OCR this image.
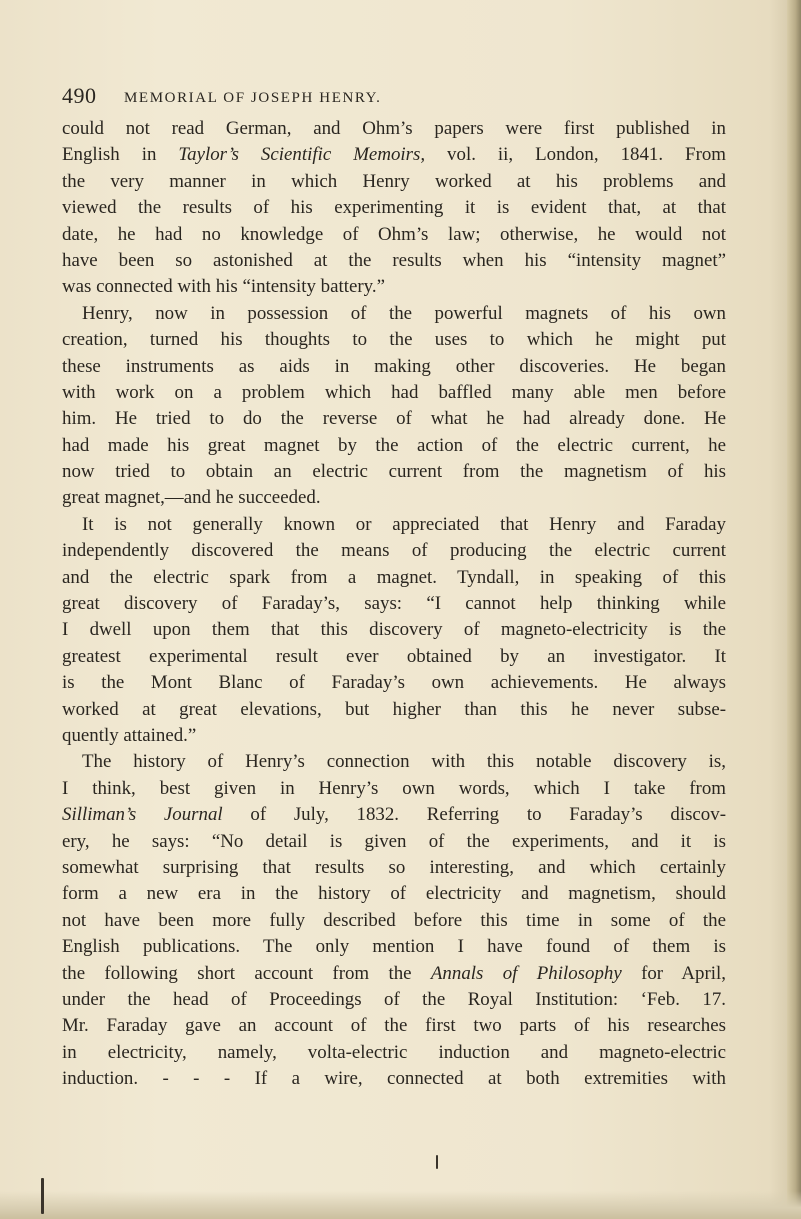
490 MEMORIAL OF JOSEPH HENRY.
could not read German, and Ohm’s papers were first published in
English in Taylor’s Scientific Memoirs, vol. ii, London, 1841. From
the very manner in which Henry worked at his problems and
viewed the results of his experimenting it is evident that, at that
date, he had no knowledge of Ohm’s law; otherwise, he would not
have been so astonished at the results when his “intensity magnet”
was connected with his “intensity battery.”
Henry, now in possession of the powerful magnets of his own
creation, turned his thoughts to the uses to which he might put
these instruments as aids in making other discoveries. He began
with work on a problem which had baffled many able men before
him. He tried to do the reverse of what he had already done. He
had made his great magnet by the action of the electric current, he
now tried to obtain an electric current from the magnetism of his
great magnet,—and he succeeded.
It is not generally known or appreciated that Henry and Faraday
independently discovered the means of producing the electric current
and the electric spark from a magnet. Tyndall, in speaking of this
great discovery of Faraday’s, says: “I cannot help thinking while
I dwell upon them that this discovery of magneto-electricity is the
greatest experimental result ever obtained by an investigator. It
is the Mont Blanc of Faraday’s own achievements. He always
worked at great elevations, but higher than this he never subse-
quently attained.”
The history of Henry’s connection with this notable discovery is,
I think, best given in Henry’s own words, which I take from
Silliman’s Journal of July, 1832. Referring to Faraday’s discov-
ery, he says: “No detail is given of the experiments, and it is
somewhat surprising that results so interesting, and which certainly
form a new era in the history of electricity and magnetism, should
not have been more fully described before this time in some of the
English publications. The only mention I have found of them is
the following short account from the Annals of Philosophy for April,
under the head of Proceedings of the Royal Institution: ‘Feb. 17.
Mr. Faraday gave an account of the first two parts of his researches
in electricity, namely, volta-electric induction and magneto-electric
induction. - - - If a wire, connected at both extremities with
